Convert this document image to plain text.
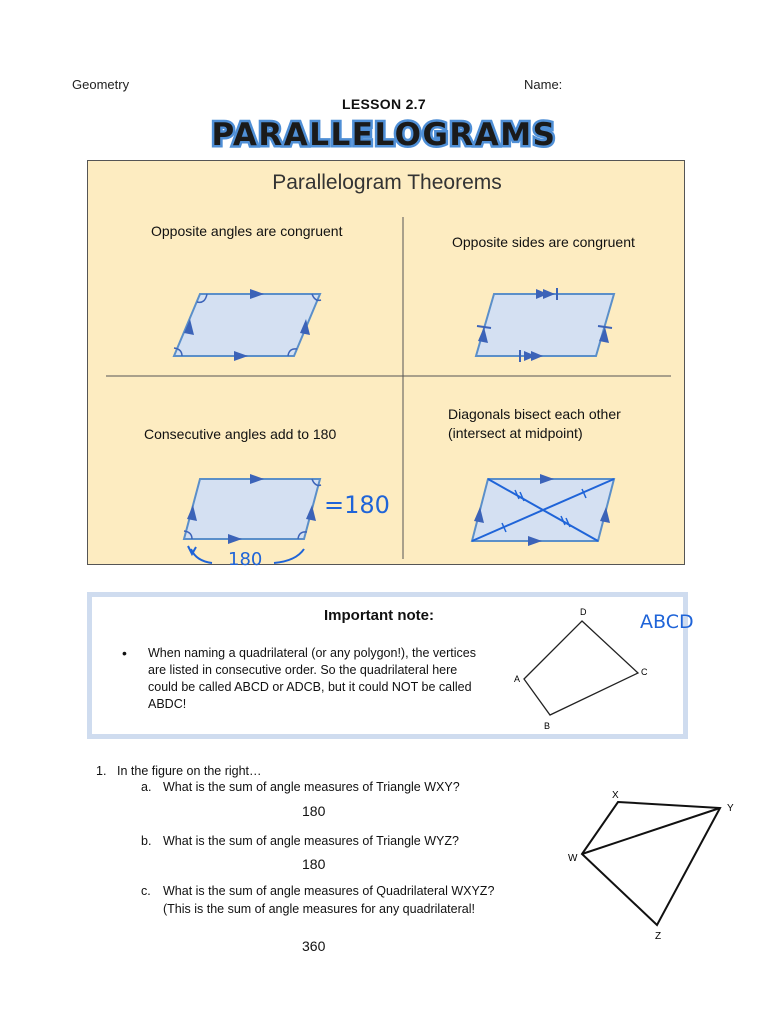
Geometry	Name:
LESSON 2.7
PARALLELOGRAMS
Parallelogram Theorems
Opposite angles are congruent
Opposite sides are congruent
Consecutive angles add to 180
Diagonals bisect each other
(intersect at midpoint)
=180
180
Important note:
• When naming a quadrilateral (or any polygon!), the vertices are listed in consecutive order. So the quadrilateral here could be called ABCD or ADCB, but it could NOT be called ABDC!
D
C
B
A
ABCD
1. In the figure on the right…
a. What is the sum of angle measures of Triangle WXY?
180
b. What is the sum of angle measures of Triangle WYZ?
180
c. What is the sum of angle measures of Quadrilateral WXYZ?
(This is the sum of angle measures for any quadrilateral!
360
X
Y
W
Z
